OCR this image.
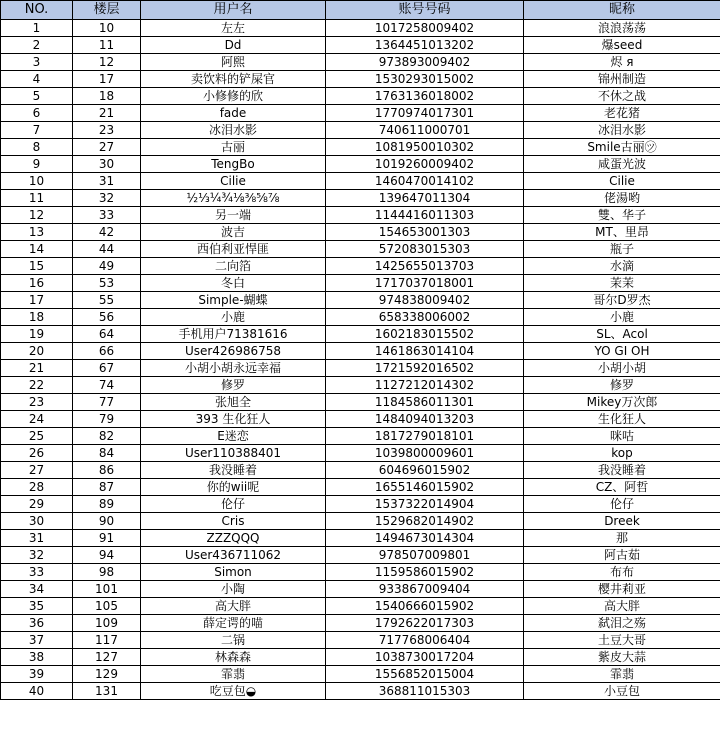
NO.	楼层	用户名	账号号码	昵称
1	10	左左	1017258009402	浪浪荡荡
2	11	Dd	1364451013202	爆seed
3	12	阿熙	973893009402	烬 я
4	17	卖饮料的铲屎官	1530293015002	锦州制造
5	18	小修修的欣	1763136018002	不休之战
6	21	fade	1770974017301	老花猪
7	23	冰泪水影	740611000701	冰泪水影
8	27	古丽	1081950010302	Smile古丽㋡
9	30	TengBo	1019260009402	咸蛋光波
10	31	Cilie	1460470014102	Cilie
11	32	½⅓¼¾⅛⅜⅝⅞	139647011304	佬湯哟
12	33	另一端	1144416011303	雙、华子
13	42	波吉	154653001303	MT、里昂
14	44	西伯利亚悍匪	572083015303	瓶子
15	49	二向箔	1425655013703	水滴
16	53	冬白	1717037018001	茉茉
17	55	Simple-蝴蝶	974838009402	哥尔D罗杰
18	56	小鹿	658338006002	小鹿
19	64	手机用户71381616	1602183015502	SL、Acol
20	66	User426986758	1461863014104	YO GI OH
21	67	小胡小胡永远幸福	1721592016502	小胡小胡
22	74	修罗	1127212014302	修罗
23	77	张旭全	1184586011301	Mikey万次郎
24	79	393 生化狂人	1484094013203	生化狂人
25	82	E迷恋	1817279018101	咪咕
26	84	User110388401	1039800009601	kop
27	86	我没睡着	604696015902	我没睡着
28	87	你的wii呢	1655146015902	CZ、阿哲
29	89	伦仔	1537322014904	伦仔
30	90	Cris	1529682014902	Dreek
31	91	ZZZQQQ	1494673014304	那
32	94	User436711062	978507009801	阿古茹
33	98	Simon	1159586015902	布布
34	101	小陶	933867009404	樱井莉亚
35	105	高大胖	1540666015902	高大胖
36	109	薛定谔的喵	1792622017303	弑泪之殇
37	117	二锅	717768006404	土豆大哥
38	127	林森森	1038730017204	紫皮大蒜
39	129	霏翡	1556852015004	霏翡
40	131	吃豆包◒	368811015303	小豆包
